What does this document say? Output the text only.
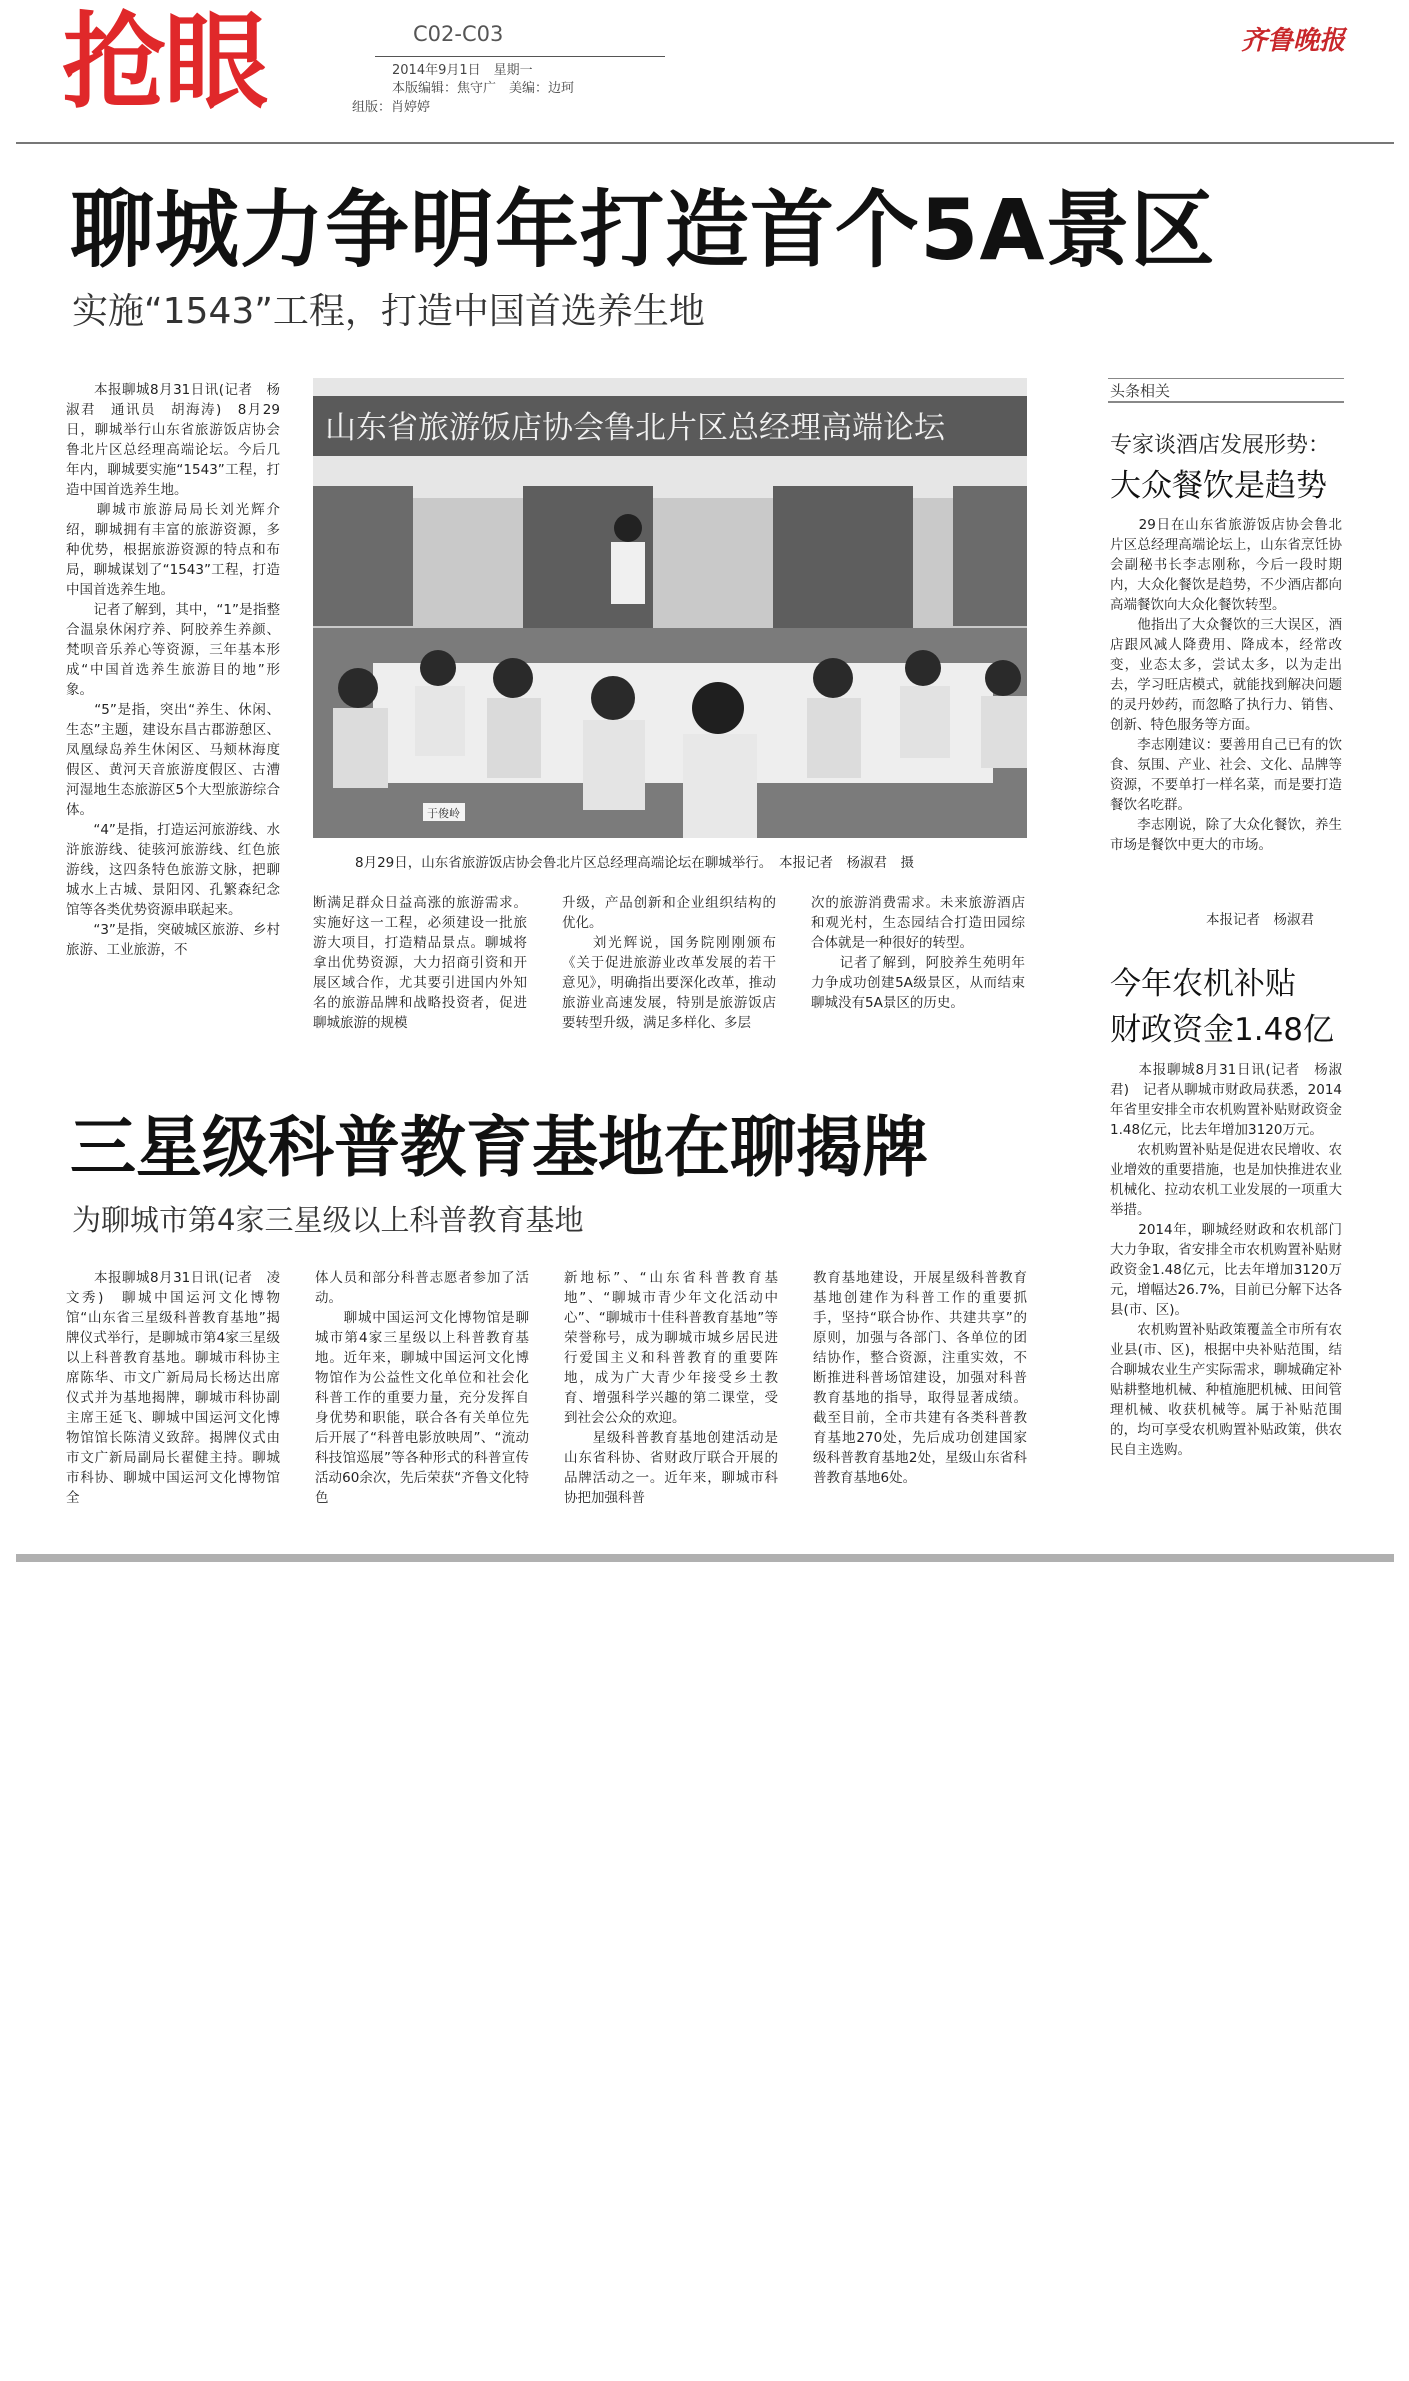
抢眼	C02-C03
2014年9月1日　星期一
本版编辑：焦守广　美编：边珂
组版：肖婷婷
齐鲁晚报
聊城力争明年打造首个5A景区
实施“1543”工程，打造中国首选养生地
　　本报聊城8月31日讯(记者　杨淑君　通讯员　胡海涛)　8月29日，聊城举行山东省旅游饭店协会鲁北片区总经理高端论坛。今后几年内，聊城要实施“1543”工程，打造中国首选养生地。
　　聊城市旅游局局长刘光辉介绍，聊城拥有丰富的旅游资源，多种优势，根据旅游资源的特点和布局，聊城谋划了“1543”工程，打造中国首选养生地。
　　记者了解到，其中，“1”是指整合温泉休闲疗养、阿胶养生养颜、梵呗音乐养心等资源，三年基本形成“中国首选养生旅游目的地”形象。
　　“5”是指，突出“养生、休闲、生态”主题，建设东昌古郡游憩区、凤凰绿岛养生休闲区、马颊林海度假区、黄河天音旅游度假区、古漕河湿地生态旅游区5个大型旅游综合体。
　　“4”是指，打造运河旅游线、水浒旅游线、徒骇河旅游线、红色旅游线，这四条特色旅游文脉，把聊城水上古城、景阳冈、孔繁森纪念馆等各类优势资源串联起来。
　　“3”是指，突破城区旅游、乡村旅游、工业旅游，不
山东省旅游饭店协会鲁北片区总经理高端论坛
于俊岭
8月29日，山东省旅游饭店协会鲁北片区总经理高端论坛在聊城举行。　本报记者　杨淑君　摄
断满足群众日益高涨的旅游需求。实施好这一工程，必须建设一批旅游大项目，打造精品景点。聊城将拿出优势资源，大力招商引资和开展区域合作，尤其要引进国内外知名的旅游品牌和战略投资者，促进聊城旅游的规模
升级，产品创新和企业组织结构的优化。
　　刘光辉说，国务院刚刚颁布《关于促进旅游业改革发展的若干意见》，明确指出要深化改革，推动旅游业高速发展，特别是旅游饭店要转型升级，满足多样化、多层
次的旅游消费需求。未来旅游酒店和观光村，生态园结合打造田园综合体就是一种很好的转型。
　　记者了解到，阿胶养生苑明年力争成功创建5A级景区，从而结束聊城没有5A景区的历史。
三星级科普教育基地在聊揭牌
为聊城市第4家三星级以上科普教育基地
　　本报聊城8月31日讯(记者　凌文秀)　聊城中国运河文化博物馆“山东省三星级科普教育基地”揭牌仪式举行，是聊城市第4家三星级以上科普教育基地。聊城市科协主席陈华、市文广新局局长杨达出席仪式并为基地揭牌，聊城市科协副主席王延飞、聊城中国运河文化博物馆馆长陈清义致辞。揭牌仪式由市文广新局副局长翟健主持。聊城市科协、聊城中国运河文化博物馆全
体人员和部分科普志愿者参加了活动。
　　聊城中国运河文化博物馆是聊城市第4家三星级以上科普教育基地。近年来，聊城中国运河文化博物馆作为公益性文化单位和社会化科普工作的重要力量，充分发挥自身优势和职能，联合各有关单位先后开展了“科普电影放映周”、“流动科技馆巡展”等各种形式的科普宣传活动60余次，先后荣获“齐鲁文化特色
新地标”、“山东省科普教育基地”、“聊城市青少年文化活动中心”、“聊城市十佳科普教育基地”等荣誉称号，成为聊城市城乡居民进行爱国主义和科普教育的重要阵地，成为广大青少年接受乡土教育、增强科学兴趣的第二课堂，受到社会公众的欢迎。
　　星级科普教育基地创建活动是山东省科协、省财政厅联合开展的品牌活动之一。近年来，聊城市科协把加强科普
教育基地建设，开展星级科普教育基地创建作为科普工作的重要抓手，坚持“联合协作、共建共享”的原则，加强与各部门、各单位的团结协作，整合资源，注重实效，不断推进科普场馆建设，加强对科普教育基地的指导，取得显著成绩。截至目前，全市共建有各类科普教育基地270处，先后成功创建国家级科普教育基地2处，星级山东省科普教育基地6处。
头条相关
专家谈酒店发展形势：
大众餐饮是趋势
　　29日在山东省旅游饭店协会鲁北片区总经理高端论坛上，山东省烹饪协会副秘书长李志刚称，今后一段时期内，大众化餐饮是趋势，不少酒店都向高端餐饮向大众化餐饮转型。
　　他指出了大众餐饮的三大误区，酒店跟风减人降费用、降成本，经常改变，业态太多，尝试太多，以为走出去，学习旺店模式，就能找到解决问题的灵丹妙药，而忽略了执行力、销售、创新、特色服务等方面。
　　李志刚建议：要善用自己已有的饮食、氛围、产业、社会、文化、品牌等资源，不要单打一样名菜，而是要打造餐饮名吃群。
　　李志刚说，除了大众化餐饮，养生市场是餐饮中更大的市场。
本报记者　杨淑君
今年农机补贴
财政资金1.48亿
　　本报聊城8月31日讯(记者　杨淑君)　记者从聊城市财政局获悉，2014年省里安排全市农机购置补贴财政资金1.48亿元，比去年增加3120万元。
　　农机购置补贴是促进农民增收、农业增效的重要措施，也是加快推进农业机械化、拉动农机工业发展的一项重大举措。
　　2014年，聊城经财政和农机部门大力争取，省安排全市农机购置补贴财政资金1.48亿元，比去年增加3120万元，增幅达26.7%，目前已分解下达各县(市、区)。
　　农机购置补贴政策覆盖全市所有农业县(市、区)，根据中央补贴范围，结合聊城农业生产实际需求，聊城确定补贴耕整地机械、种植施肥机械、田间管理机械、收获机械等。属于补贴范围的，均可享受农机购置补贴政策，供农民自主选购。
